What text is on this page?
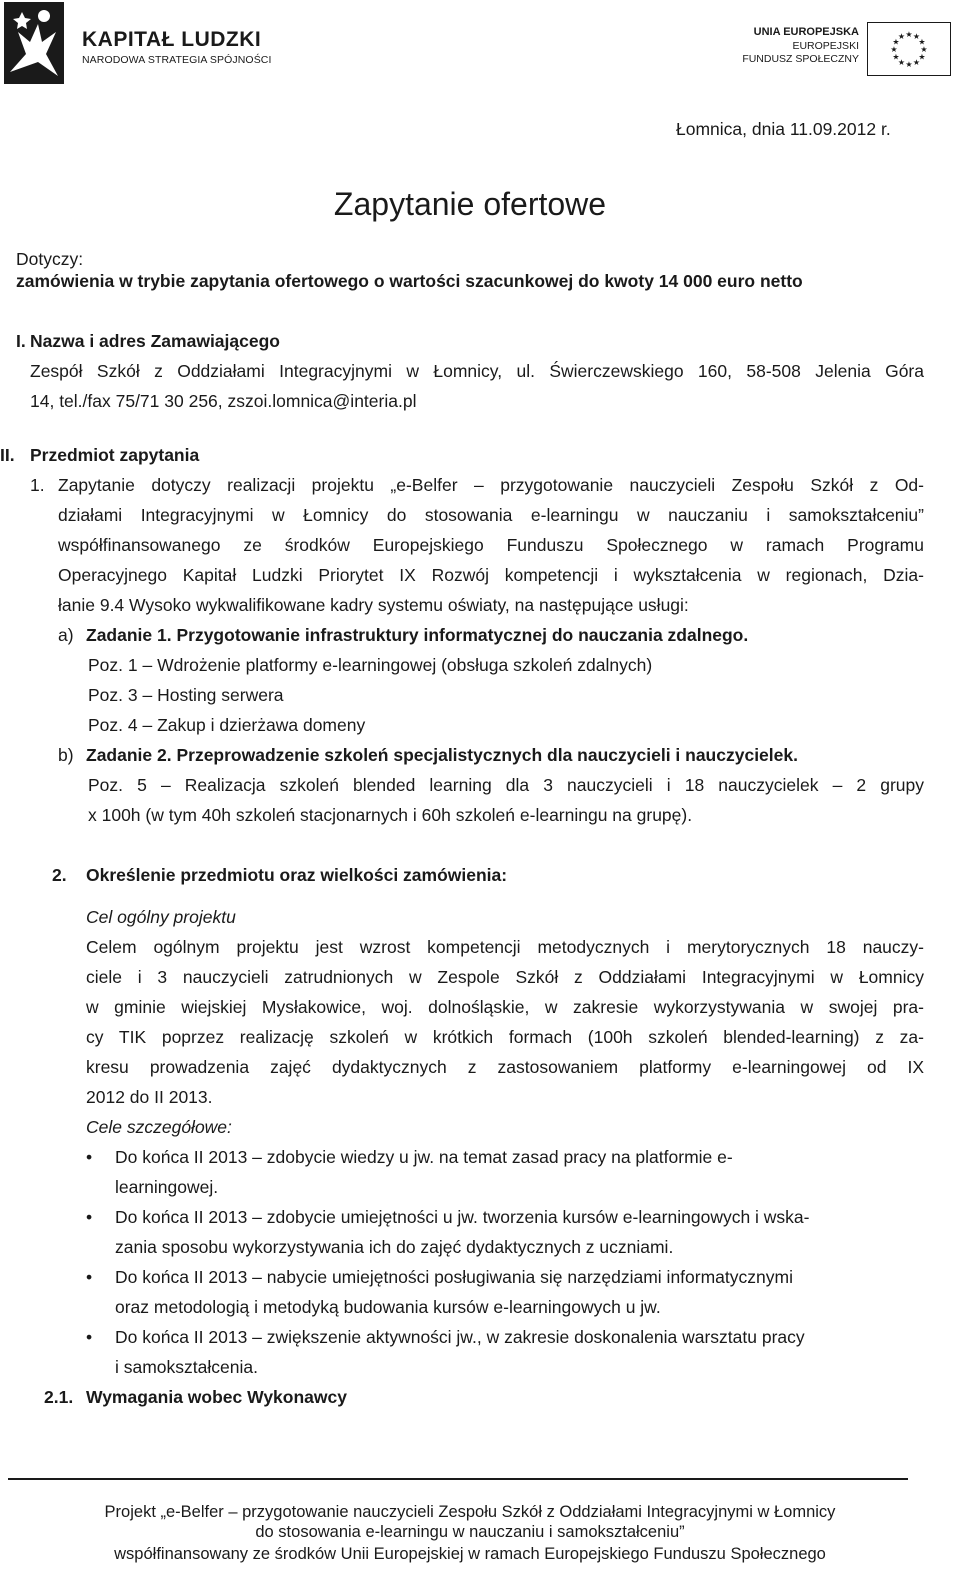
KAPITAŁ LUDZKI
NARODOWA STRATEGIA SPÓJNOŚCI
UNIA EUROPEJSKA
EUROPEJSKI
FUNDUSZ SPOŁECZNY
★
★
★
★
★
★
★
★
★ ★ ★
★
Łomnica, dnia 11.09.2012 r.
Zapytanie ofertowe
Dotyczy:
zamówienia w trybie zapytania ofertowego o wartości szacunkowej do kwoty 14 000 euro netto
I. Nazwa i adres Zamawiającego
Zespół Szkół z Oddziałami Integracyjnymi w Łomnicy, ul. Świerczewskiego 160, 58-508 Jelenia Góra
14, tel./fax 75/71 30 256, zszoi.lomnica@interia.pl
II. Przedmiot zapytania
1. Zapytanie dotyczy realizacji projektu „e-Belfer – przygotowanie nauczycieli Zespołu Szkół z Od-
działami Integracyjnymi w Łomnicy do stosowania e-learningu w nauczaniu i samokształceniu”
współfinansowanego ze środków Europejskiego Funduszu Społecznego w ramach Programu
Operacyjnego Kapitał Ludzki Priorytet IX Rozwój kompetencji i wykształcenia w regionach, Dzia-
łanie 9.4 Wysoko wykwalifikowane kadry systemu oświaty, na następujące usługi:
a) Zadanie 1. Przygotowanie infrastruktury informatycznej do nauczania zdalnego.
Poz. 1 – Wdrożenie platformy e-learningowej (obsługa szkoleń zdalnych)
Poz. 3 – Hosting serwera
Poz. 4 – Zakup i dzierżawa domeny
b) Zadanie 2. Przeprowadzenie szkoleń specjalistycznych dla nauczycieli i nauczycielek.
Poz. 5 – Realizacja szkoleń blended learning dla 3 nauczycieli i 18 nauczycielek – 2 grupy
x 100h (w tym 40h szkoleń stacjonarnych i 60h szkoleń e-learningu na grupę).
2. Określenie przedmiotu oraz wielkości zamówienia:
Cel ogólny projektu
Celem ogólnym projektu jest wzrost kompetencji metodycznych i merytorycznych 18 nauczy-
ciele i 3 nauczycieli zatrudnionych w Zespole Szkół z Oddziałami Integracyjnymi w Łomnicy
w gminie wiejskiej Mysłakowice, woj. dolnośląskie, w zakresie wykorzystywania w swojej pra-
cy TIK poprzez realizację szkoleń w krótkich formach (100h szkoleń blended-learning) z za-
kresu prowadzenia zajęć dydaktycznych z zastosowaniem platformy e-learningowej od IX
2012 do II 2013.
Cele szczegółowe:
• Do końca II 2013 – zdobycie wiedzy u jw. na temat zasad pracy na platformie e-
learningowej.
• Do końca II 2013 – zdobycie umiejętności u jw. tworzenia kursów e-learningowych i wska-
zania sposobu wykorzystywania ich do zajęć dydaktycznych z uczniami.
• Do końca II 2013 – nabycie umiejętności posługiwania się narzędziami informatycznymi
oraz metodologią i metodyką budowania kursów e-learningowych u jw.
• Do końca II 2013 – zwiększenie aktywności jw., w zakresie doskonalenia warsztatu pracy
i samokształcenia.
2.1. Wymagania wobec Wykonawcy
Projekt „e-Belfer – przygotowanie nauczycieli Zespołu Szkół z Oddziałami Integracyjnymi w Łomnicy
do stosowania e-learningu w nauczaniu i samokształceniu”
współfinansowany ze środków Unii Europejskiej w ramach Europejskiego Funduszu Społecznego
